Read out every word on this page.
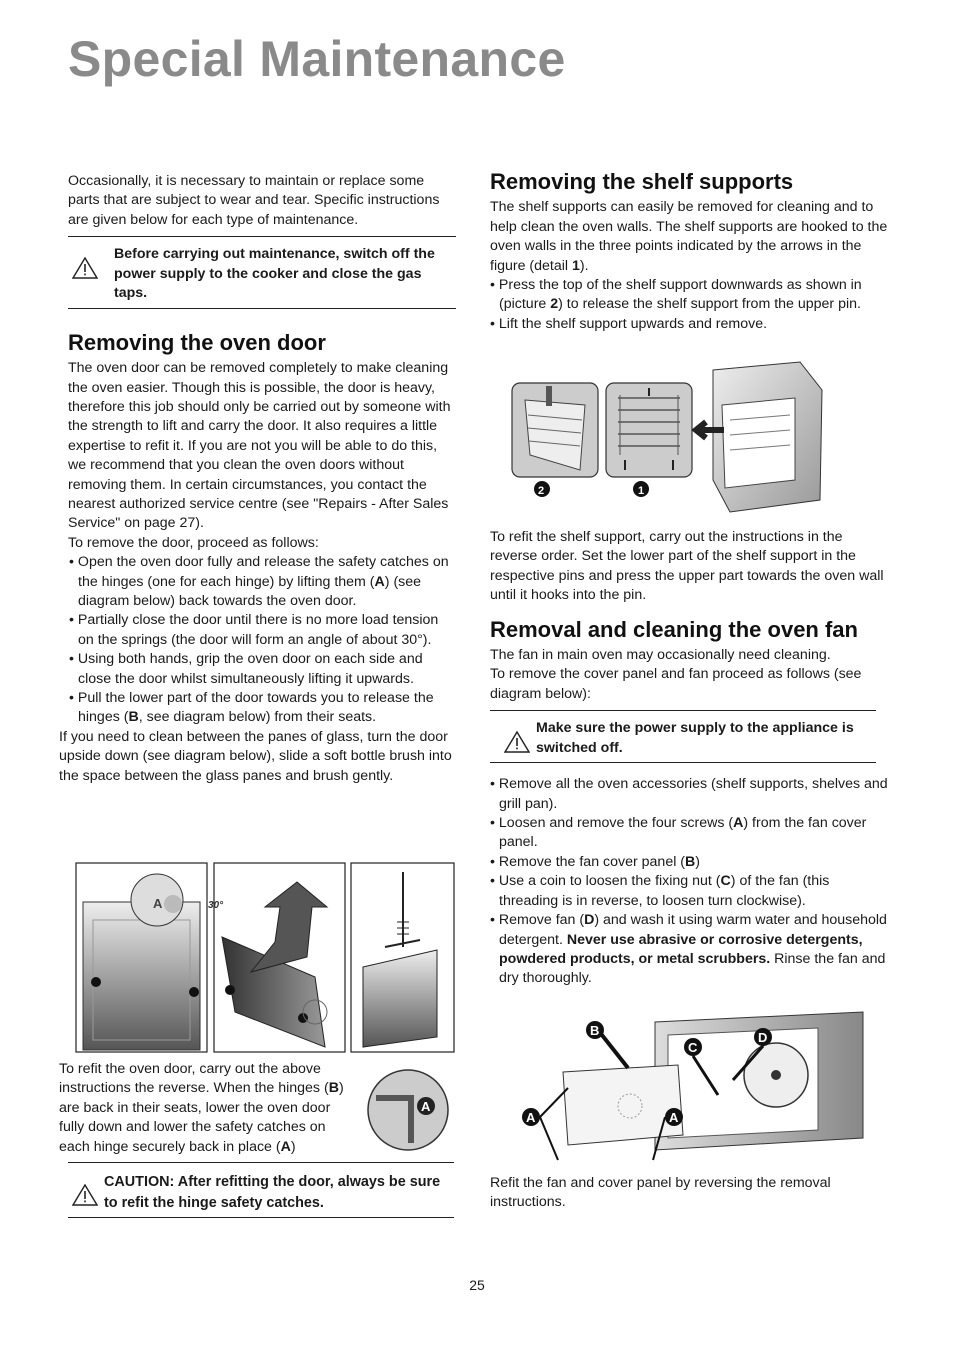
Special Maintenance

Occasionally, it is necessary to maintain or replace some parts that are subject to wear and tear. Specific instructions are given below for each type of maintenance.

Before carrying out maintenance, switch off the power supply to the cooker and close the gas taps.
Removing the oven door

The oven door can be removed completely to make cleaning the oven easier. Though this is possible, the door is heavy, therefore this job should only be carried out by someone with the strength to lift and carry the door. It also requires a little expertise to refit it. If you are not you will be able to do this, we recommend that you clean the oven doors without removing them. In certain circumstances, you contact the nearest authorized service centre (see "Repairs - After Sales Service" on page 27).

To remove the door, proceed as follows:

• Open the oven door fully and release the safety catches on the hinges (one for each hinge) by lifting them (A) (see diagram below) back towards the oven door.
• Partially close the door until there is no more load tension on the springs (the door will form an angle of about 30°).
• Using both hands, grip the oven door on each side and close the door whilst simultaneously lifting it upwards.
• Pull the lower part of the door towards you to release the hinges (B, see diagram below) from their seats.

If you need to clean between the panes of glass, turn the door upside down (see diagram below), slide a soft bottle brush into the space between the glass panes and brush gently.

A	30°

To refit the oven door, carry out the above instructions the reverse. When the hinges (B) are back in their seats, lower the oven door fully down and lower the safety catches on each hinge securely back in place (A)

A
CAUTION: After refitting the door, always be sure to refit the hinge safety catches.
Removing the shelf supports

The shelf supports can easily be removed for cleaning and to help clean the oven walls. The shelf supports are hooked to the oven walls in the three points indicated by the arrows in the figure (detail 1).

• Press the top of the shelf support downwards as shown in (picture 2) to release the shelf support from the upper pin.
• Lift the shelf support upwards and remove.
2	1

To refit the shelf support, carry out the instructions in the reverse order. Set the lower part of the shelf support in the respective pins and press the upper part towards the oven wall until it hooks into the pin.

Removal and cleaning the oven fan

The fan in main oven may occasionally need cleaning.

To remove the cover panel and fan proceed as follows (see diagram below):

Make sure the power supply to the appliance is switched off.
• Remove all the oven accessories (shelf supports, shelves and grill pan).
• Loosen and remove the four screws (A) from the fan cover panel.
• Remove the fan cover panel (B)
• Use a coin to loosen the fixing nut (C) of the fan (this threading is in reverse, to loosen turn clockwise).
• Remove fan (D) and wash it using warm water and household detergent. Never use abrasive or corrosive detergents, powdered products, or metal scrubbers. Rinse the fan and dry thoroughly.
B
C
D
A	A

Refit the fan and cover panel by reversing the removal instructions.

25
